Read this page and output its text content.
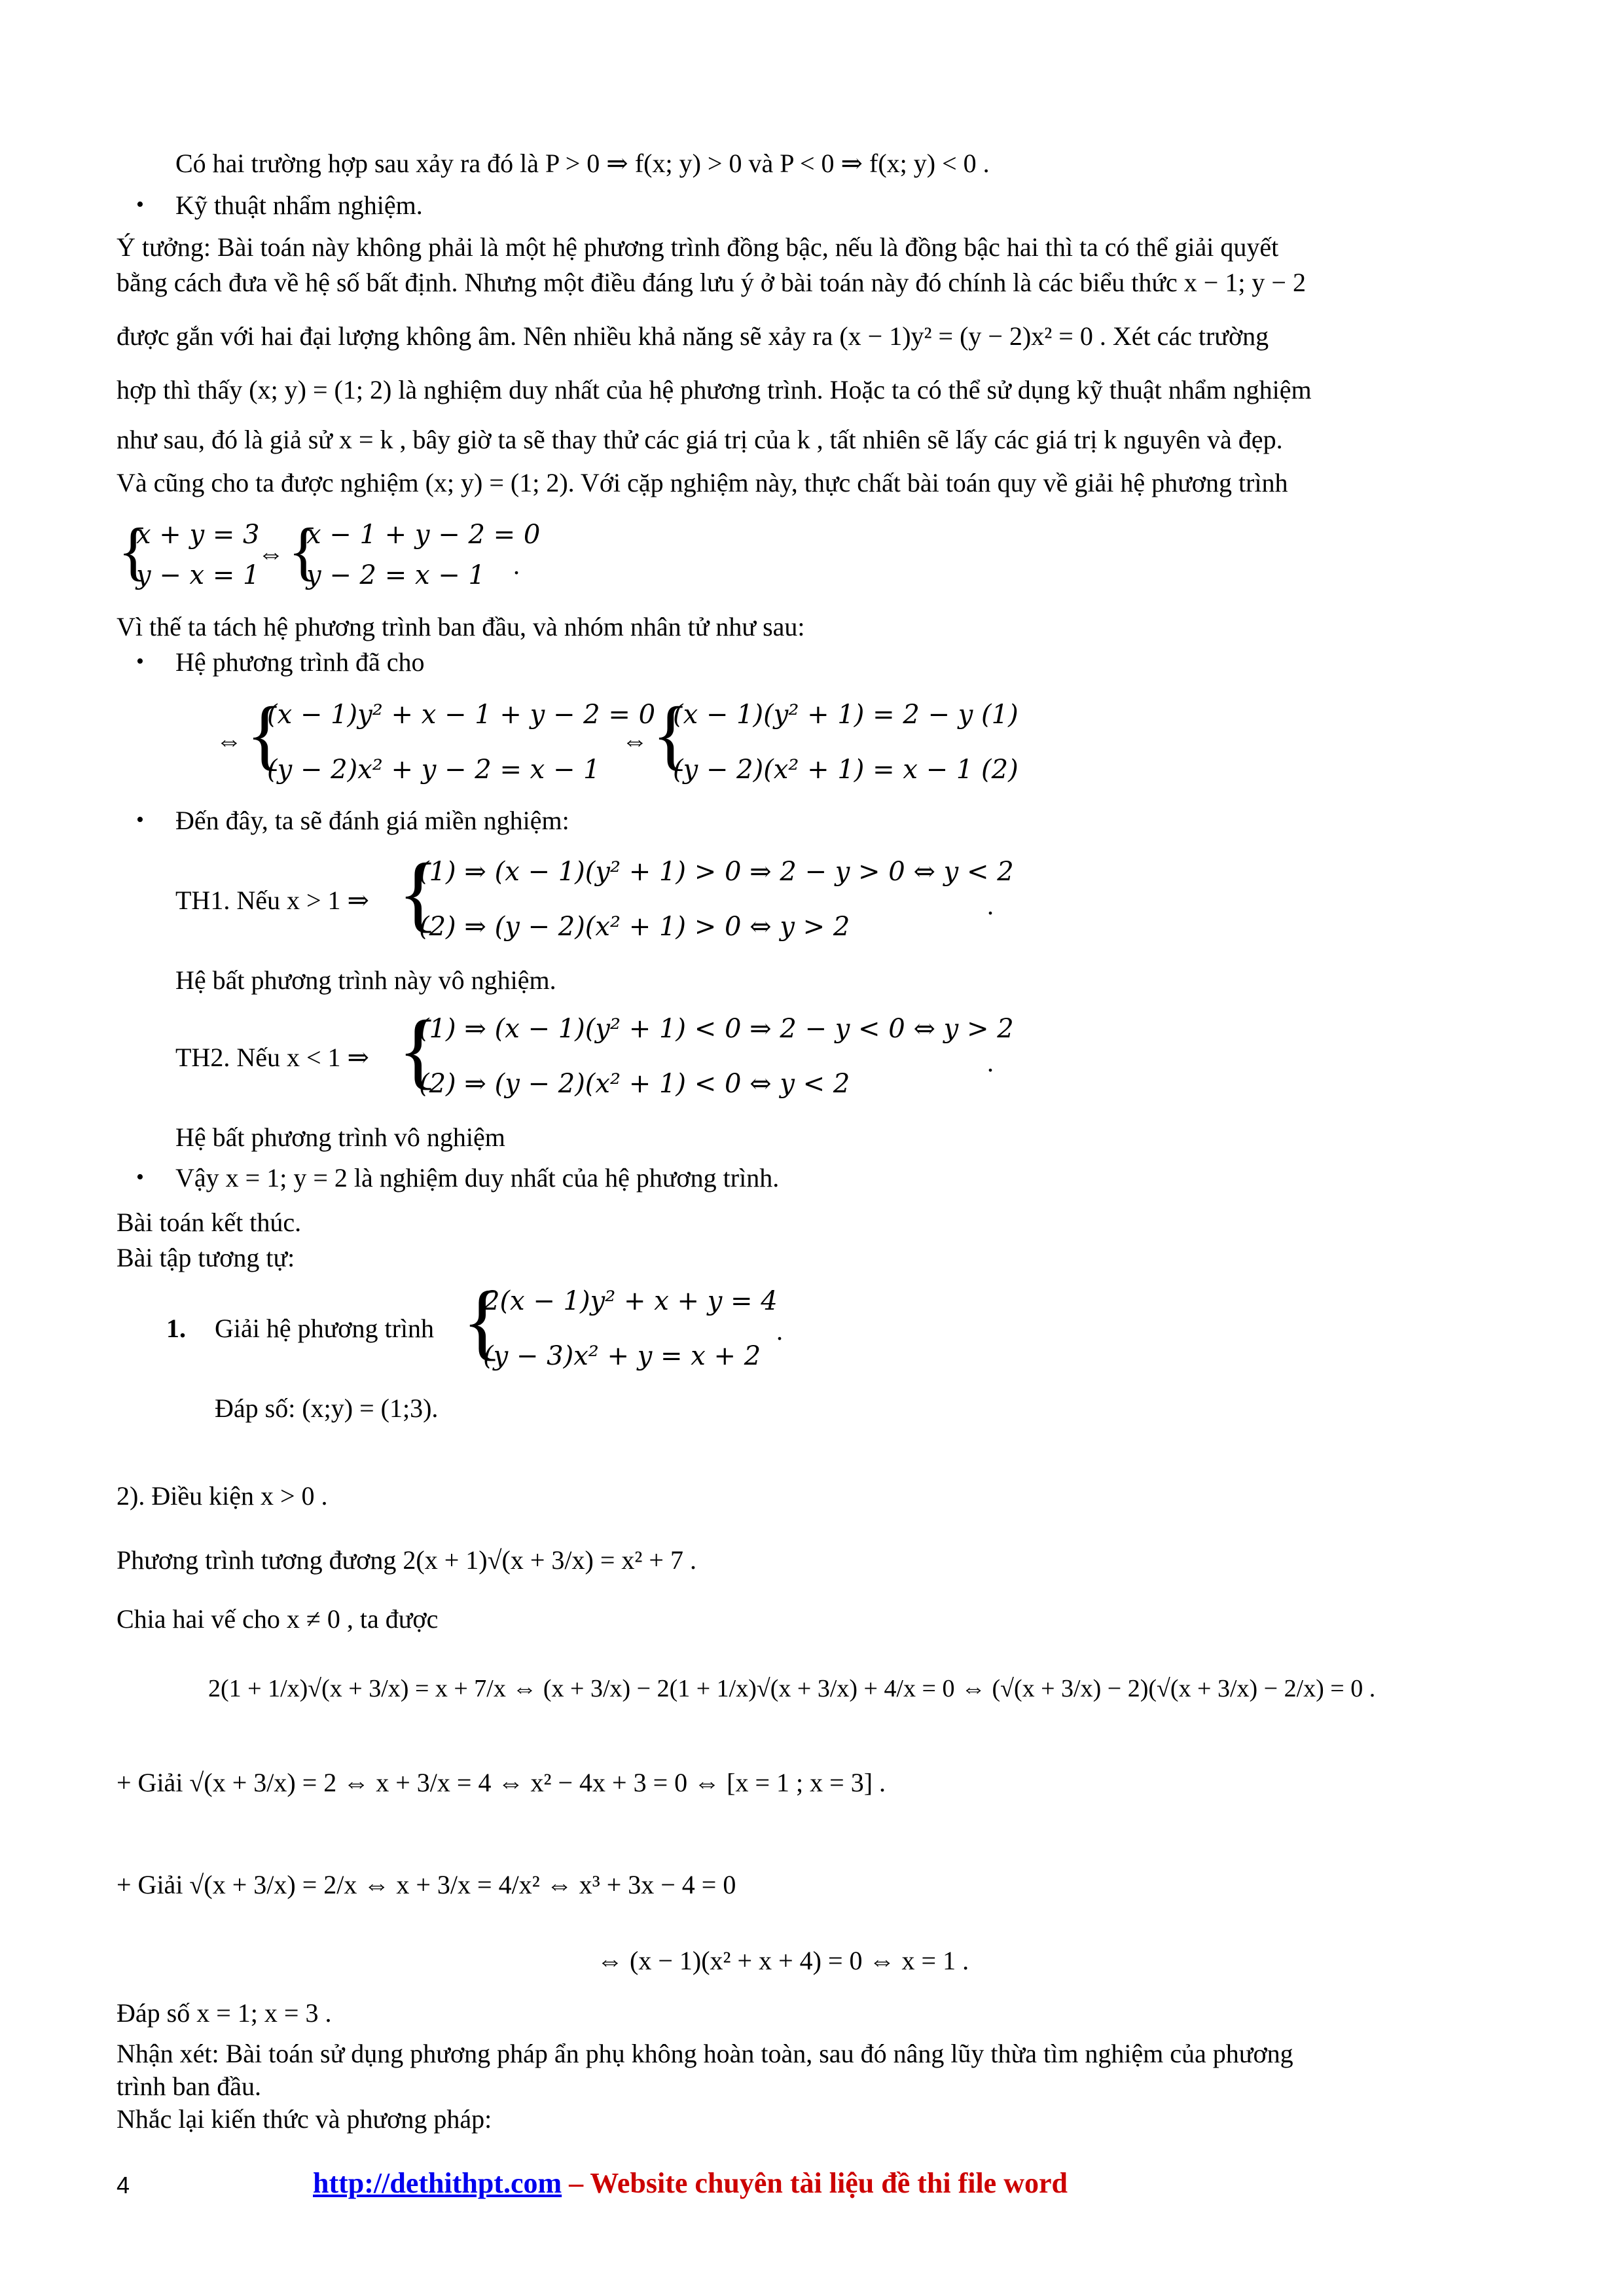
Có hai trường hợp sau xảy ra đó là P > 0 ⇒ f(x; y) > 0 và P < 0 ⇒ f(x; y) < 0 .
• Kỹ thuật nhẩm nghiệm.
Ý tưởng: Bài toán này không phải là một hệ phương trình đồng bậc, nếu là đồng bậc hai thì ta có thể giải quyết
bằng cách đưa về hệ số bất định. Nhưng một điều đáng lưu ý ở bài toán này đó chính là các biểu thức x − 1; y − 2
được gắn với hai đại lượng không âm. Nên nhiều khả năng sẽ xảy ra (x − 1)y² = (y − 2)x² = 0 . Xét các trường
hợp thì thấy (x; y) = (1; 2) là nghiệm duy nhất của hệ phương trình. Hoặc ta có thể sử dụng kỹ thuật nhẩm nghiệm
như sau, đó là giả sử x = k , bây giờ ta sẽ thay thử các giá trị của k , tất nhiên sẽ lấy các giá trị k nguyên và đẹp.
Và cũng cho ta được nghiệm (x; y) = (1; 2). Với cặp nghiệm này, thực chất bài toán quy về giải hệ phương trình
{
x + y = 3
y − x = 1
⇔ {
x − 1 + y − 2 = 0
y − 2 = x − 1	.
Vì thế ta tách hệ phương trình ban đầu, và nhóm nhân tử như sau:
• Hệ phương trình đã cho
⇔ {
(x − 1)y² + x − 1 + y − 2 = 0
(y − 2)x² + y − 2 = x − 1
⇔ {
(x − 1)(y² + 1) = 2 − y (1)
(y − 2)(x² + 1) = x − 1 (2)
• Đến đây, ta sẽ đánh giá miền nghiệm:
TH1. Nếu x > 1 ⇒ {
(1) ⇒ (x − 1)(y² + 1) > 0 ⇒ 2 − y > 0 ⇔ y < 2
(2) ⇒ (y − 2)(x² + 1) > 0 ⇔ y > 2
.
Hệ bất phương trình này vô nghiệm.
TH2. Nếu x < 1 ⇒ {
(1) ⇒ (x − 1)(y² + 1) < 0 ⇒ 2 − y < 0 ⇔ y > 2
(2) ⇒ (y − 2)(x² + 1) < 0 ⇔ y < 2
.
Hệ bất phương trình vô nghiệm
• Vậy x = 1; y = 2 là nghiệm duy nhất của hệ phương trình.
Bài toán kết thúc.
Bài tập tương tự:
1. Giải hệ phương trình {
2(x − 1)y² + x + y = 4
(y − 3)x² + y = x + 2
.
Đáp số: (x;y) = (1;3).
2). Điều kiện x > 0 .
Phương trình tương đương 2(x + 1)√(x + 3/x) = x² + 7 .
Chia hai vế cho x ≠ 0 , ta được
2(1 + 1/x)√(x + 3/x) = x + 7/x ⇔ (x + 3/x) − 2(1 + 1/x)√(x + 3/x) + 4/x = 0 ⇔ (√(x + 3/x) − 2)(√(x + 3/x) − 2/x) = 0 .
+ Giải √(x + 3/x) = 2 ⇔ x + 3/x = 4 ⇔ x² − 4x + 3 = 0 ⇔ [x = 1 ; x = 3] .
+ Giải √(x + 3/x) = 2/x ⇔ x + 3/x = 4/x² ⇔ x³ + 3x − 4 = 0
⇔ (x − 1)(x² + x + 4) = 0 ⇔ x = 1 .
Đáp số x = 1; x = 3 .
Nhận xét: Bài toán sử dụng phương pháp ẩn phụ không hoàn toàn, sau đó nâng lũy thừa tìm nghiệm của phương
trình ban đầu.
Nhắc lại kiến thức và phương pháp:
4	http://dethithpt.com – Website chuyên tài liệu đề thi file word
